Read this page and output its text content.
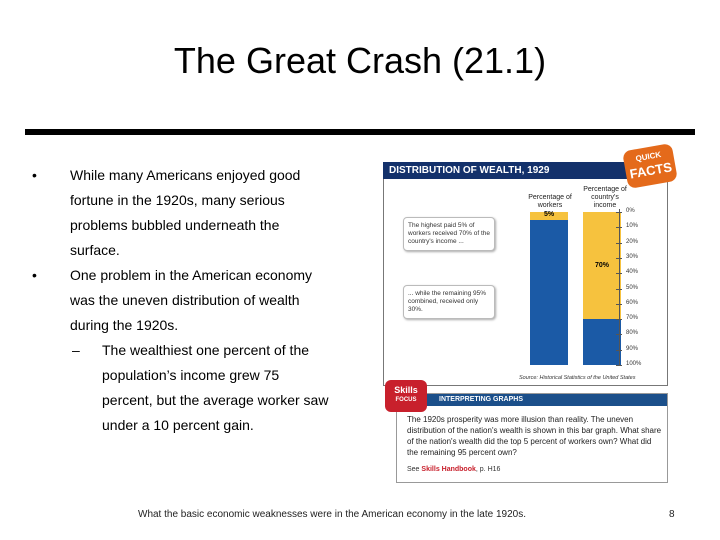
The Great Crash (21.1)
• While many Americans enjoyed good fortune in the 1920s, many serious problems bubbled underneath the surface.
• One problem in the American economy was the uneven distribution of wealth during the 1920s.
– The wealthiest one percent of the population’s income grew 75 percent, but the average worker saw under a 10 percent gain.
DISTRIBUTION OF WEALTH, 1929
QUICK
FACTS
Percentage of workers
Percentage of country's income
The highest paid 5% of workers received 70% of the country's income ...
... while the remaining 95% combined, received only 30%.
5%
70%
0%
10%
20%
30%
40%
50%
60%
70%
80%
90%
100%
Source: Historical Statistics of the United States
INTERPRETING GRAPHS
Skills
FOCUS
The 1920s prosperity was more illusion than reality. The uneven distribution of the nation's wealth is shown in this bar graph. What share of the nation's wealth did the top 5 percent of workers own? What did the remaining 95 percent own?
See Skills Handbook, p. H16
What the basic economic weaknesses were in the American economy in the late 1920s.	8
